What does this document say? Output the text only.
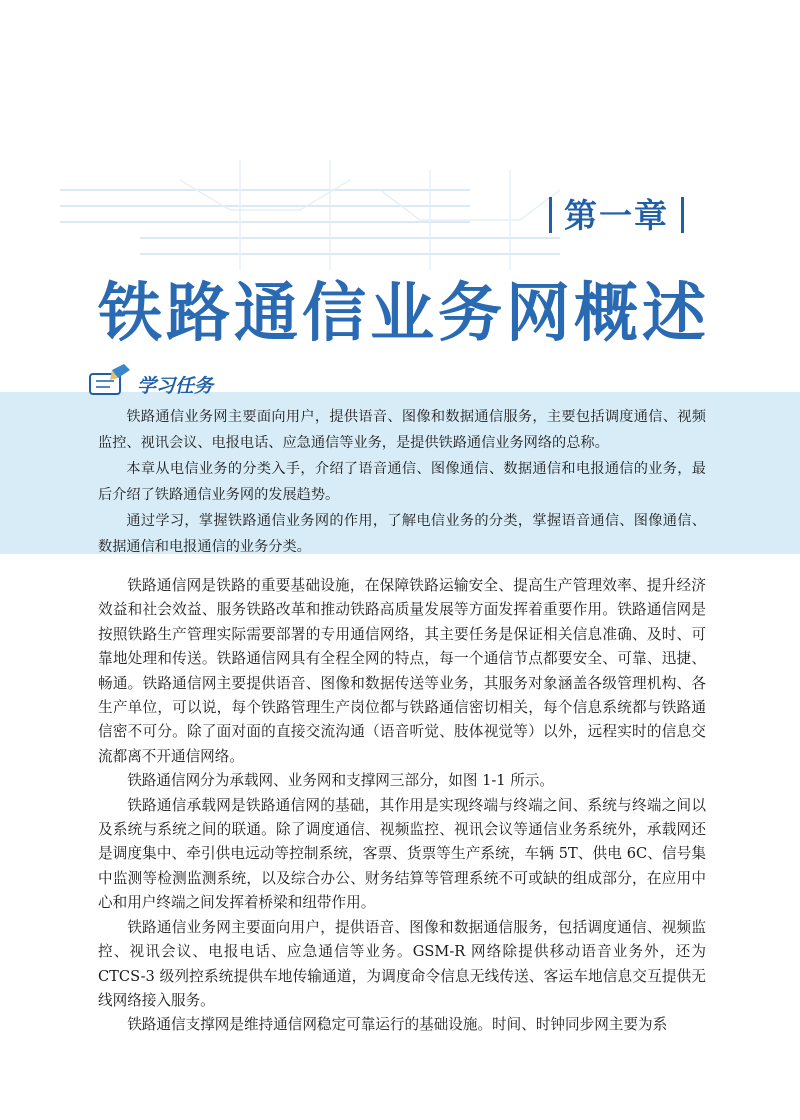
第一章
铁路通信业务网概述
学习任务

铁路通信业务网主要面向用户，提供语音、图像和数据通信服务，主要包括调度通信、视频监控、视讯会议、电报电话、应急通信等业务，是提供铁路通信业务网络的总称。

本章从电信业务的分类入手，介绍了语音通信、图像通信、数据通信和电报通信的业务，最后介绍了铁路通信业务网的发展趋势。

通过学习，掌握铁路通信业务网的作用，了解电信业务的分类，掌握语音通信、图像通信、数据通信和电报通信的业务分类。

铁路通信网是铁路的重要基础设施，在保障铁路运输安全、提高生产管理效率、提升经济效益和社会效益、服务铁路改革和推动铁路高质量发展等方面发挥着重要作用。铁路通信网是按照铁路生产管理实际需要部署的专用通信网络，其主要任务是保证相关信息准确、及时、可靠地处理和传送。铁路通信网具有全程全网的特点，每一个通信节点都要安全、可靠、迅捷、畅通。铁路通信网主要提供语音、图像和数据传送等业务，其服务对象涵盖各级管理机构、各生产单位，可以说，每个铁路管理生产岗位都与铁路通信密切相关，每个信息系统都与铁路通信密不可分。除了面对面的直接交流沟通（语音听觉、肢体视觉等）以外，远程实时的信息交流都离不开通信网络。

铁路通信网分为承载网、业务网和支撑网三部分，如图 1-1 所示。

铁路通信承载网是铁路通信网的基础，其作用是实现终端与终端之间、系统与终端之间以及系统与系统之间的联通。除了调度通信、视频监控、视讯会议等通信业务系统外，承载网还是调度集中、牵引供电远动等控制系统，客票、货票等生产系统，车辆 5T、供电 6C、信号集中监测等检测监测系统，以及综合办公、财务结算等管理系统不可或缺的组成部分，在应用中心和用户终端之间发挥着桥梁和纽带作用。

铁路通信业务网主要面向用户，提供语音、图像和数据通信服务，包括调度通信、视频监控、视讯会议、电报电话、应急通信等业务。GSM-R 网络除提供移动语音业务外，还为 CTCS-3 级列控系统提供车地传输通道，为调度命令信息无线传送、客运车地信息交互提供无线网络接入服务。

铁路通信支撑网是维持通信网稳定可靠运行的基础设施。时间、时钟同步网主要为系
